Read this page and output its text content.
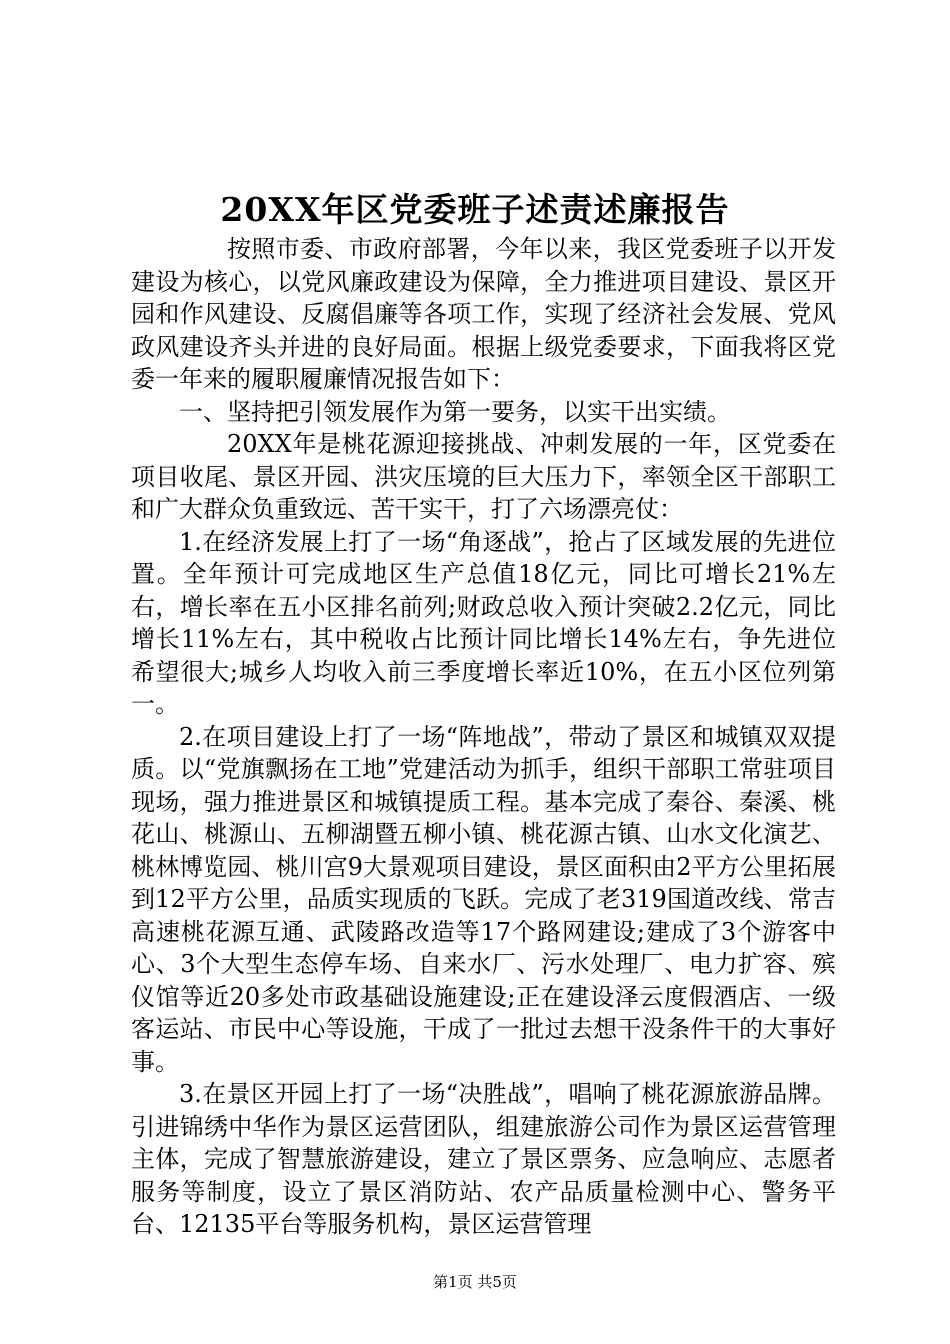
20XX年区党委班子述责述廉报告

按照市委、市政府部署，今年以来，我区党委班子以开发建设为核心，以党风廉政建设为保障，全力推进项目建设、景区开园和作风建设、反腐倡廉等各项工作，实现了经济社会发展、党风政风建设齐头并进的良好局面。根据上级党委要求，下面我将区党委一年来的履职履廉情况报告如下：

一、坚持把引领发展作为第一要务，以实干出实绩。

20XX年是桃花源迎接挑战、冲刺发展的一年，区党委在项目收尾、景区开园、洪灾压境的巨大压力下，率领全区干部职工和广大群众负重致远、苦干实干，打了六场漂亮仗：

1.在经济发展上打了一场“角逐战”，抢占了区域发展的先进位置。全年预计可完成地区生产总值18亿元，同比可增长21%左右，增长率在五小区排名前列;财政总收入预计突破2.2亿元，同比增长11%左右，其中税收占比预计同比增长14%左右，争先进位希望很大;城乡人均收入前三季度增长率近10%，在五小区位列第一。

2.在项目建设上打了一场“阵地战”，带动了景区和城镇双双提质。以“党旗飘扬在工地”党建活动为抓手，组织干部职工常驻项目现场，强力推进景区和城镇提质工程。基本完成了秦谷、秦溪、桃花山、桃源山、五柳湖暨五柳小镇、桃花源古镇、山水文化演艺、桃林博览园、桃川宫9大景观项目建设，景区面积由2平方公里拓展到12平方公里，品质实现质的飞跃。完成了老319国道改线、常吉高速桃花源互通、武陵路改造等17个路网建设;建成了3个游客中心、3个大型生态停车场、自来水厂、污水处理厂、电力扩容、殡仪馆等近20多处市政基础设施建设;正在建设泽云度假酒店、一级客运站、市民中心等设施，干成了一批过去想干没条件干的大事好事。

3.在景区开园上打了一场“决胜战”，唱响了桃花源旅游品牌。引进锦绣中华作为景区运营团队，组建旅游公司作为景区运营管理主体，完成了智慧旅游建设，建立了景区票务、应急响应、志愿者服务等制度，设立了景区消防站、农产品质量检测中心、警务平台、12135平台等服务机构，景区运营管理

第1页 共5页
